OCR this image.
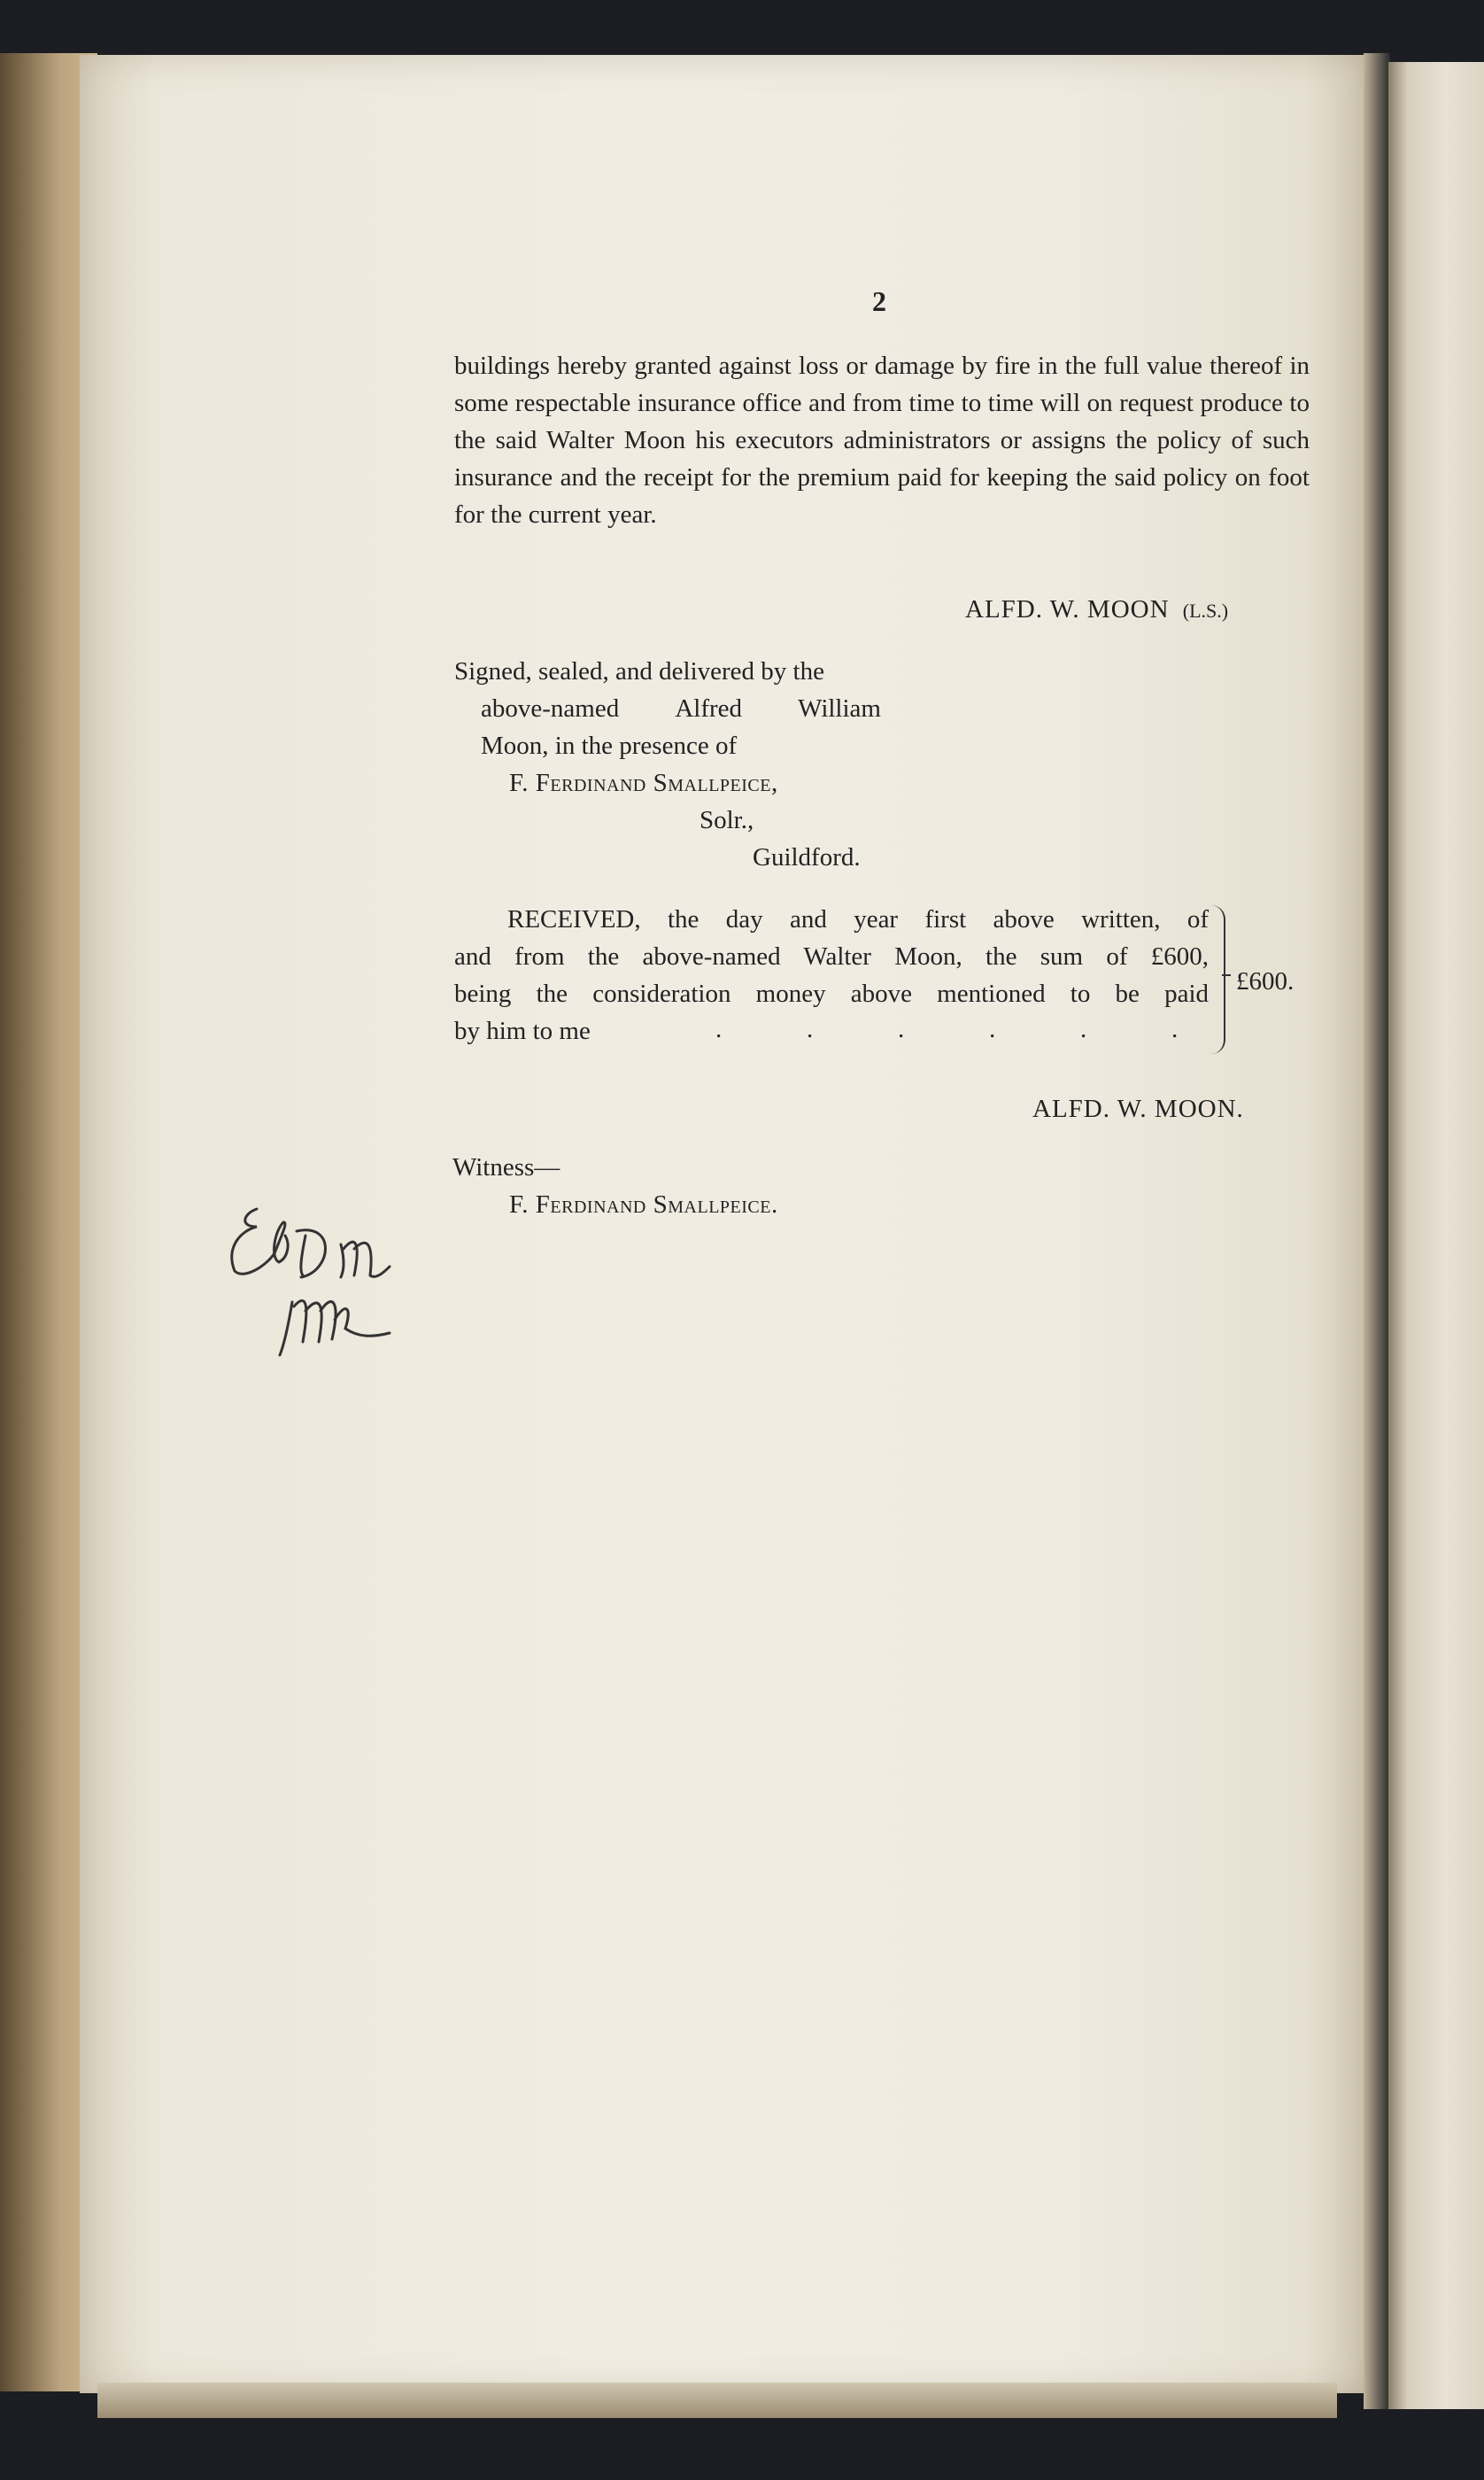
2
buildings hereby granted against loss or damage by fire in the full value thereof in some respectable insurance office and from time to time will on request produce to the said Walter Moon his executors administrators or assigns the policy of such insurance and the receipt for the premium paid for keeping the said policy on foot for the current year.
ALFD. W. MOON (L.S.)
Signed, sealed, and delivered by the
above-named Alfred William
Moon, in the presence of
F. Ferdinand Smallpeice,
Solr.,
Guildford.
RECEIVED, the day and year first above written, of
and from the above-named Walter Moon, the sum of £600,
being the consideration money above mentioned to be paid
by him to me	.	.	.	.	.	.
£600.
ALFD. W. MOON.
Witness—
F. Ferdinand Smallpeice.
